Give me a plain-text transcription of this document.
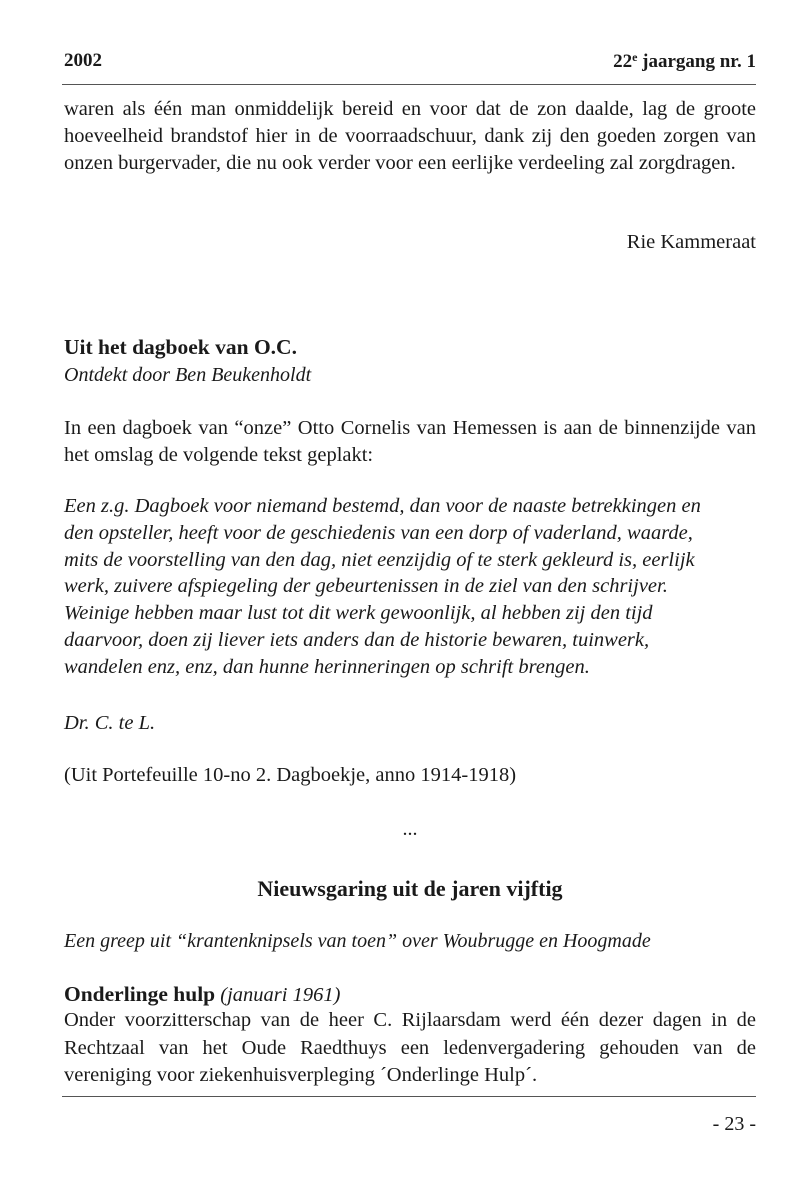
2002	22e jaargang nr. 1
waren als één man onmiddelijk bereid en voor dat de zon daalde, lag de groote hoeveelheid brandstof hier in de voorraadschuur, dank zij den goeden zorgen van onzen burgervader, die nu ook verder voor een eerlijke verdeeling zal zorgdragen.
Rie Kammeraat
Uit het dagboek van O.C.
Ontdekt door Ben Beukenholdt
In een dagboek van “onze” Otto Cornelis van Hemessen is aan de binnenzijde van het omslag de volgende tekst geplakt:
Een z.g. Dagboek voor niemand bestemd, dan voor de naaste betrekkingen en
den opsteller, heeft voor de geschiedenis van een dorp of vaderland, waarde,
mits de voorstelling van den dag, niet eenzijdig of te sterk gekleurd is, eerlijk
werk, zuivere afspiegeling der gebeurtenissen in de ziel van den schrijver.
Weinige hebben maar lust tot dit werk gewoonlijk, al hebben zij den tijd
daarvoor, doen zij liever iets anders dan de historie bewaren, tuinwerk,
wandelen enz, enz, dan hunne herinneringen op schrift brengen.
Dr. C. te L.
(Uit Portefeuille 10-no 2. Dagboekje, anno 1914-1918)
...
Nieuwsgaring uit de jaren vijftig
Een greep uit “krantenknipsels van toen” over Woubrugge en Hoogmade
Onderlinge hulp (januari 1961)
Onder voorzitterschap van de heer C. Rijlaarsdam werd één dezer dagen in de Rechtzaal van het Oude Raedthuys een ledenvergadering gehouden van de vereniging voor ziekenhuisverpleging ´Onderlinge Hulp´.
- 23 -
